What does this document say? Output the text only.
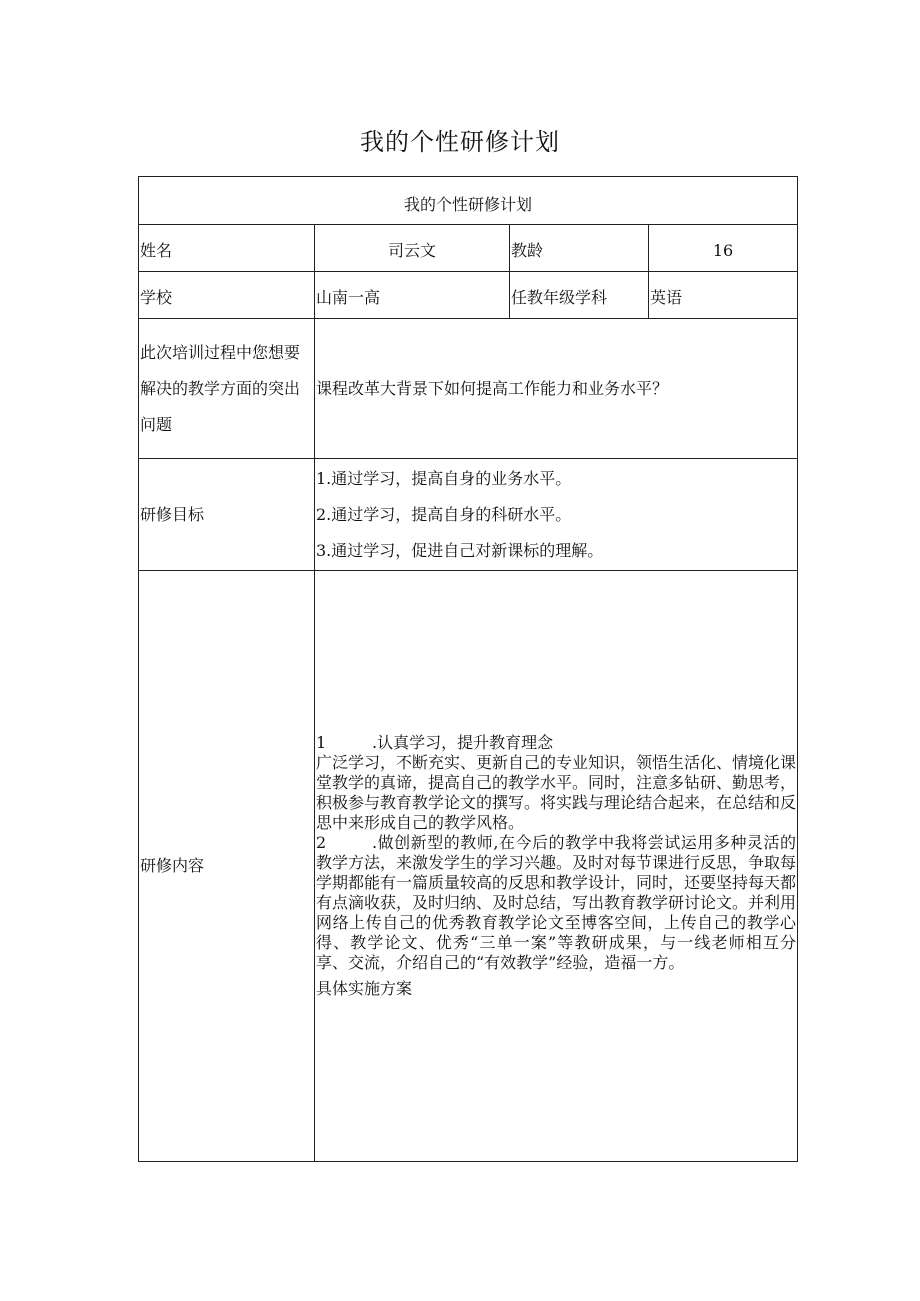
我的个性研修计划
我的个性研修计划			
姓名	司云文	教龄	16
学校	山南一高	任教年级学科	英语
此次培训过程中您想要解决的教学方面的突出问题	课程改革大背景下如何提高工作能力和业务水平？		
研修目标	1.通过学习，提高自身的业务水平。
2.通过学习，提高自身的科研水平。
3.通过学习，促进自己对新课标的理解。		

研修内容	1 .认真学习，提升教育理念
广泛学习，不断充实、更新自己的专业知识，领悟生活化、情境化课堂教学的真谛，提高自己的教学水平。同时，注意多钻研、勤思考，积极参与教育教学论文的撰写。将实践与理论结合起来，在总结和反思中来形成自己的教学风格。
2 .做创新型的教师,在今后的教学中我将尝试运用多种灵活的教学方法，来激发学生的学习兴趣。及时对每节课进行反思，争取每学期都能有一篇质量较高的反思和教学设计，同时，还要坚持每天都有点滴收获，及时归纳、及时总结，写出教育教学研讨论文。并利用网络上传自己的优秀教育教学论文至博客空间，上传自己的教学心得、教学论文、优秀“三单一案”等教研成果，与一线老师相互分享、交流，介绍自己的“有效教学”经验，造福一方。
具体实施方案		
